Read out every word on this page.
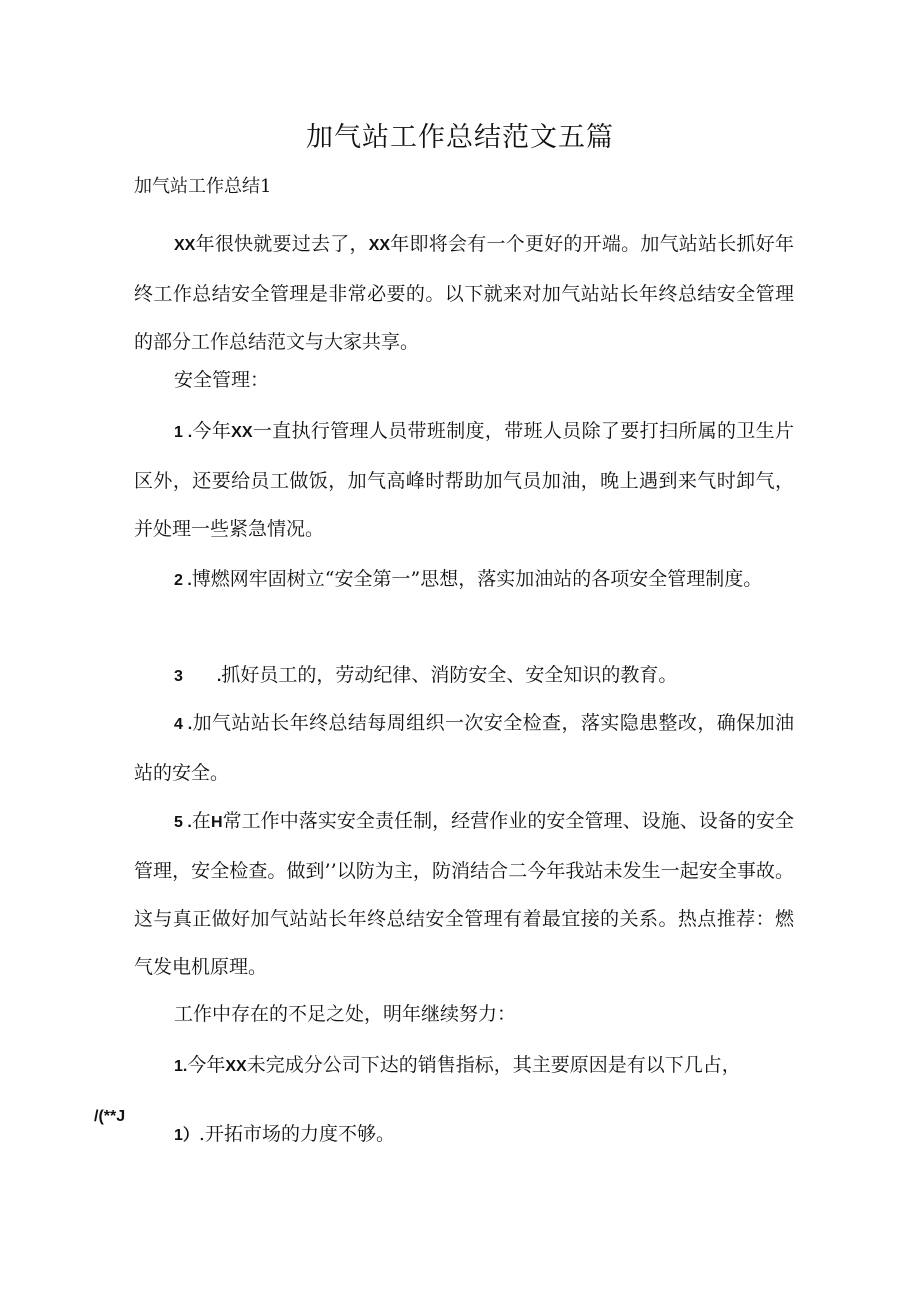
加气站工作总结范文五篇
加气站工作总结1

XX年很快就要过去了，XX年即将会有一个更好的开端。加气站站长抓好年终工作总结安全管理是非常必要的。以下就来对加气站站长年终总结安全管理的部分工作总结范文与大家共享。

安全管理：

1 .今年XX一直执行管理人员带班制度，带班人员除了要打扫所属的卫生片区外，还要给员工做饭，加气高峰时帮助加气员加油，晚上遇到来气时卸气，并处理一些紧急情况。

2 .博燃网牢固树立“安全第一”思想，落实加油站的各项安全管理制度。

3 .抓好员工的，劳动纪律、消防安全、安全知识的教育。

4 .加气站站长年终总结每周组织一次安全检查，落实隐患整改，确保加油站的安全。

5 .在H常工作中落实安全责任制，经营作业的安全管理、设施、设备的安全管理，安全检查。做到’’以防为主，防消结合二今年我站未发生一起安全事故。这与真正做好加气站站长年终总结安全管理有着最宜接的关系。热点推荐：燃气发电机原理。

工作中存在的不足之处，明年继续努力：

1.今年XX未完成分公司下达的销售指标，其主要原因是有以下几占，
/(**J

1）.开拓市场的力度不够。
